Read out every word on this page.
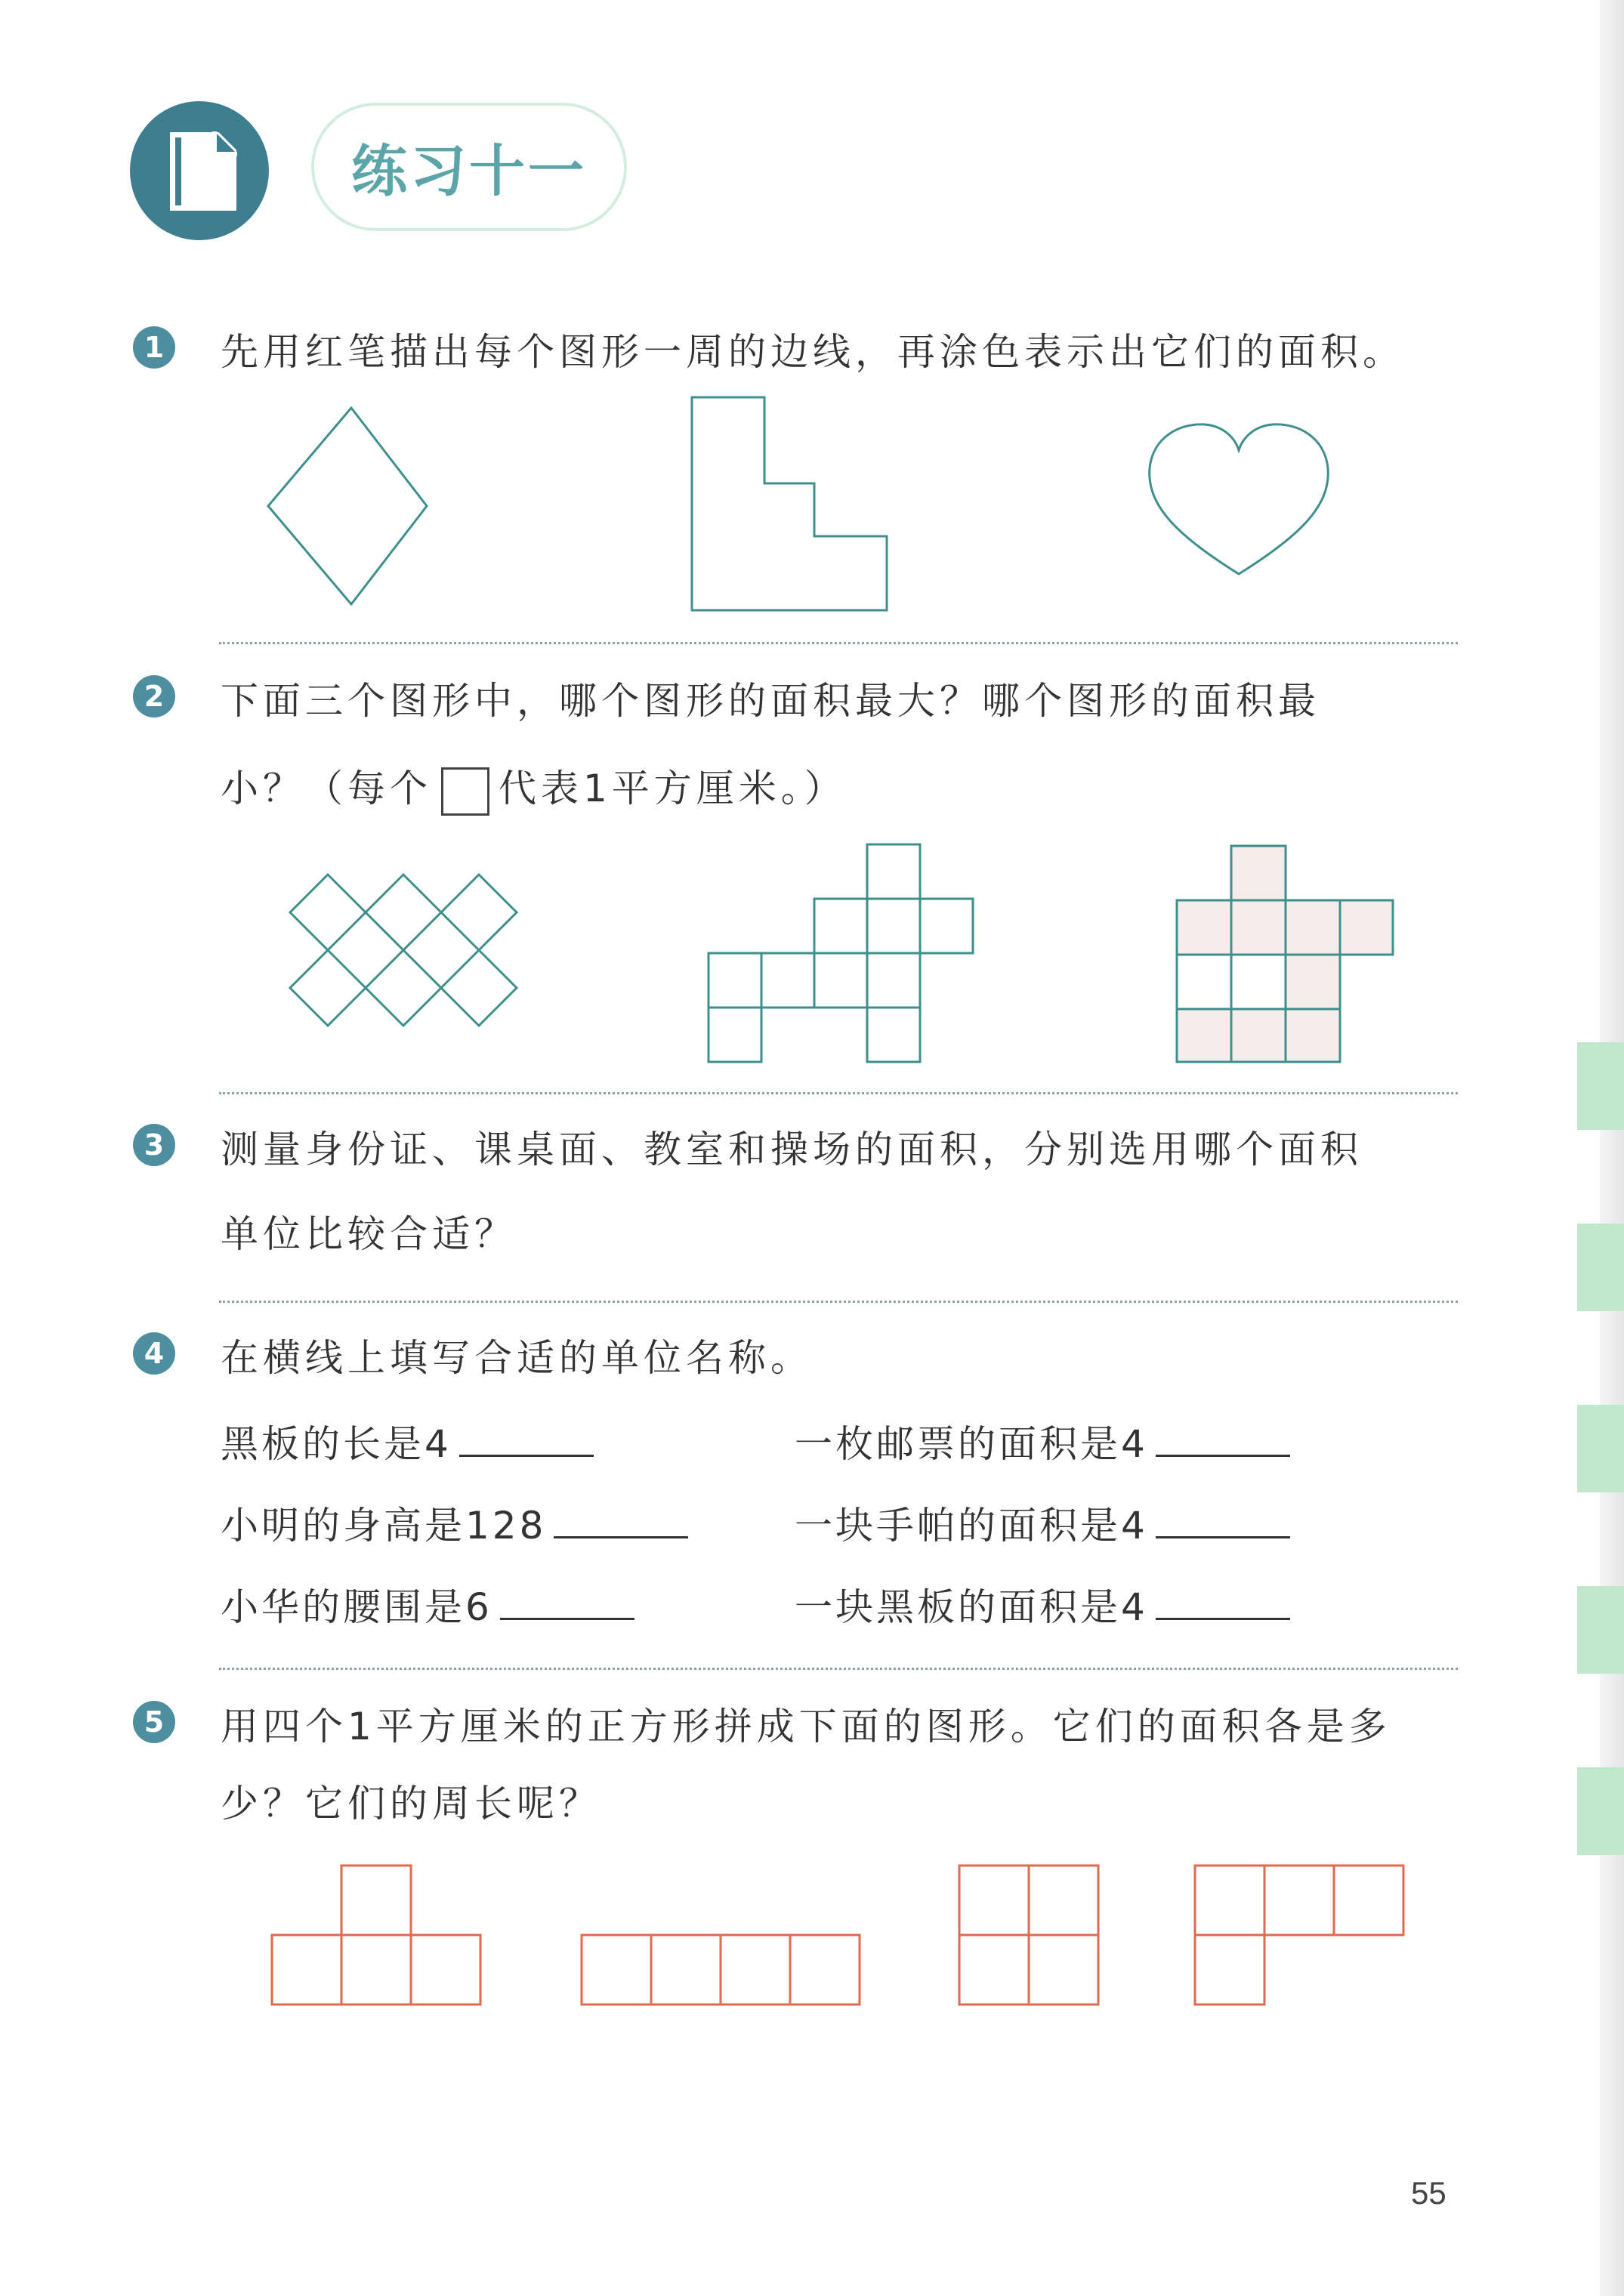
练习十一
1 先用红笔描出每个图形一周的边线，再涂色表示出它们的面积。
2 下面三个图形中，哪个图形的面积最大？哪个图形的面积最
小？（每个 代表1平方厘米。）
3 测量身份证、课桌面、教室和操场的面积，分别选用哪个面积
单位比较合适？
4 在横线上填写合适的单位名称。
黑板的长是4
小明的身高是128
小华的腰围是6
一枚邮票的面积是4
一块手帕的面积是4
一块黑板的面积是4
5 用四个1平方厘米的正方形拼成下面的图形。它们的面积各是多
少？它们的周长呢？
55
